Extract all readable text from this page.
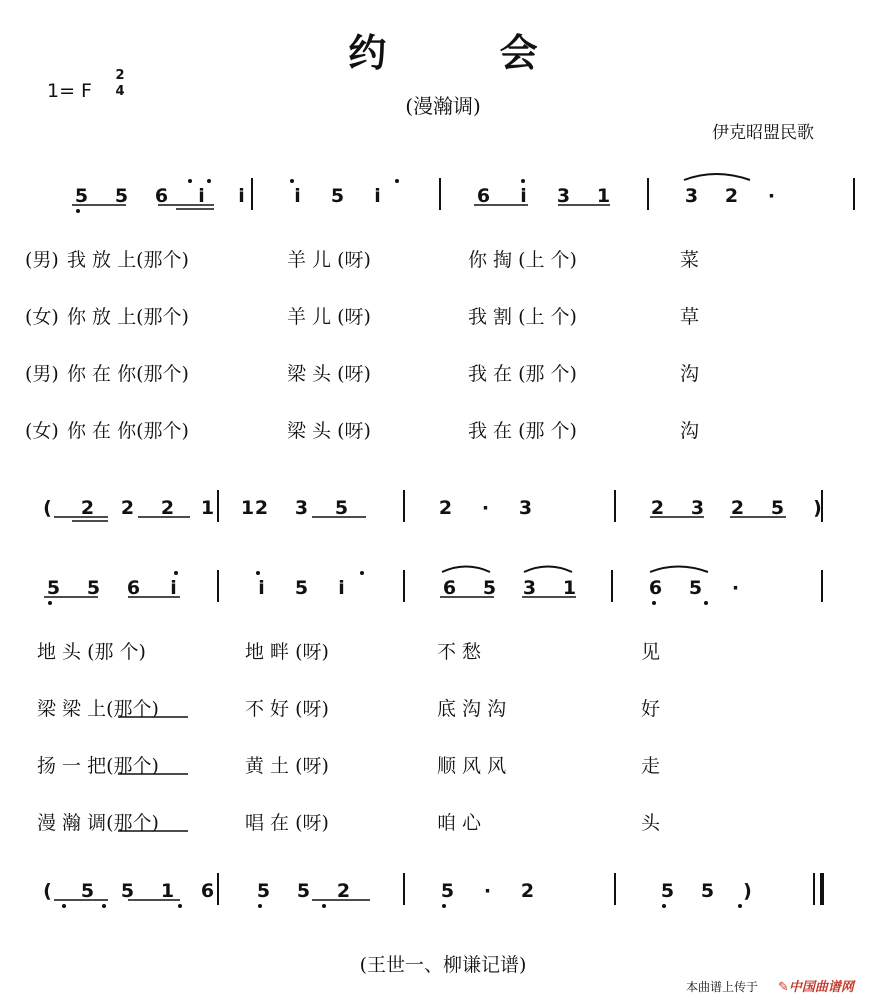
约 会
(漫瀚调)
1= F
2
4
伊克昭盟民歌
5 5 6 i i	i 5 i	6 i 3 1	3 2 ·
(男) 我 放 上(那个)	羊 儿 (呀)	你 掏 (上 个)	菜
(女) 你 放 上(那个)	羊 儿 (呀)	我 割 (上 个)	草
(男) 你 在 你(那个)	梁 头 (呀)	我 在 (那 个)	沟
(女) 你 在 你(那个)	梁 头 (呀)	我 在 (那 个)	沟
( 2 2 2 1 1 2 3 5	2 · 3	2 3 2 5 )
5 5 6 i	i 5 i	6 5 3 1	6 5 ·
地 头 (那 个)	地 畔 (呀)	不 愁	见
梁 梁 上(那个)	不 好 (呀)	底 沟 沟	好
扬 一 把(那个)	黄 土 (呀)	顺 风 风	走
漫 瀚 调(那个)	唱 在 (呀)	咱 心	头
( 5 5 1 6	5 5 2	5 · 2	5 5 )
(王世一、柳谦记谱)
本曲谱上传于 ✎中国曲谱网
